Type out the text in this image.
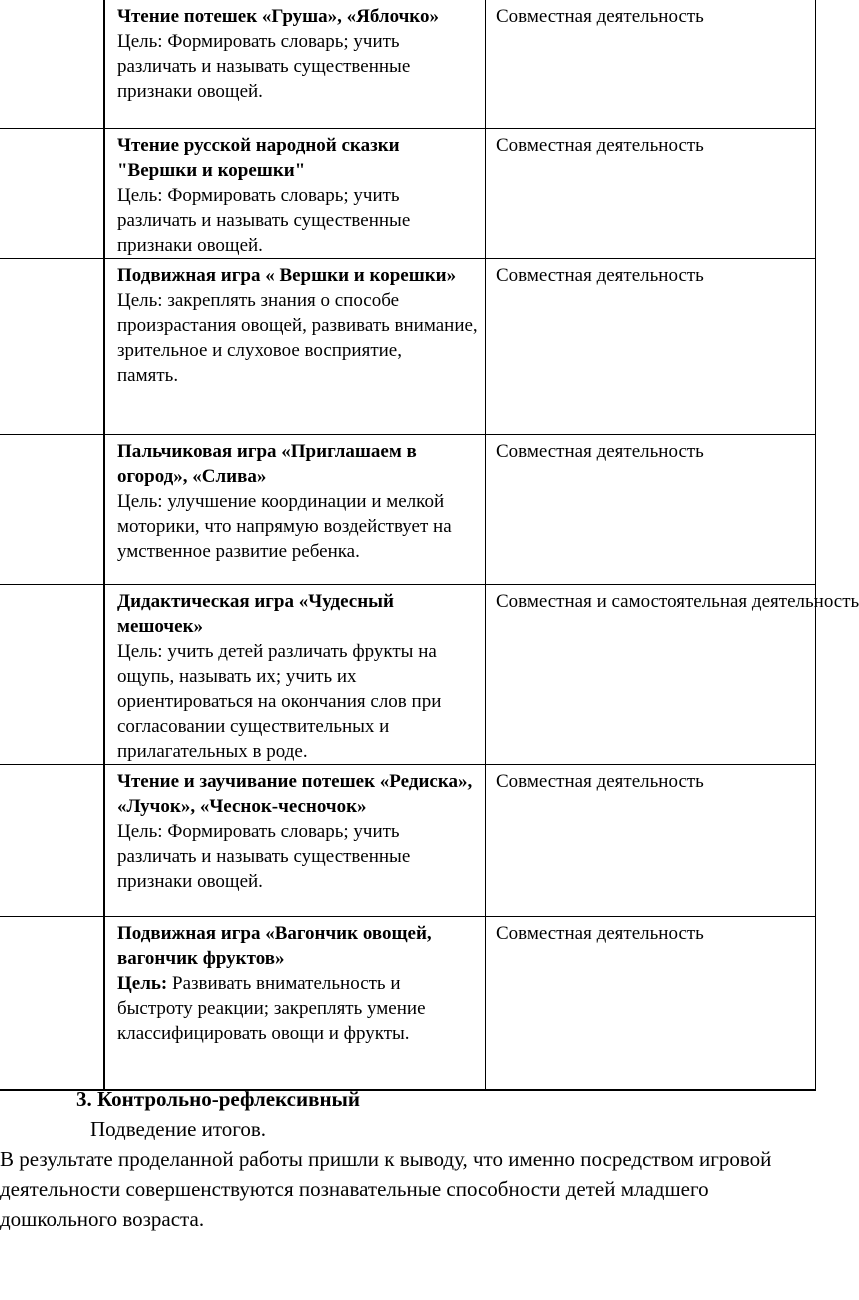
	Чтение потешек «Груша», «Яблочко»
Цель: Формировать словарь; учить различать и называть существенные признаки овощей.	Совместная деятельность

	Чтение русской народной сказки "Вершки и корешки"
Цель: Формировать словарь; учить различать и называть существенные признаки овощей.	Совместная деятельность

	Подвижная игра « Вершки и корешки»
Цель: закреплять знания о способе произрастания овощей, развивать внимание, зрительное и слуховое восприятие,
память.	Совместная деятельность

	Пальчиковая игра «Приглашаем в огород», «Слива»
Цель: улучшение координации и мелкой моторики, что напрямую воздействует на умственное развитие ребенка.	Совместная деятельность

	Дидактическая игра «Чудесный мешочек»
Цель: учить детей различать фрукты на ощупь, называть их; учить их ориентироваться на окончания слов при согласовании существительных и прилагательных в роде.	Совместная и самостоятельная деятельность

	Чтение и заучивание потешек «Редиска», «Лучок», «Чеснок-чесночок»
Цель: Формировать словарь; учить различать и называть существенные признаки овощей.	Совместная деятельность

	Подвижная игра «Вагончик овощей, вагончик фруктов»
Цель: Развивать внимательность и быстроту реакции; закреплять умение классифицировать овощи и фрукты.	Совместная деятельность

3. Контрольно-рефлексивный

Подведение итогов.

В результате проделанной работы пришли к выводу, что именно посредством игровой деятельности совершенствуются познавательные способности детей младшего дошкольного возраста.
